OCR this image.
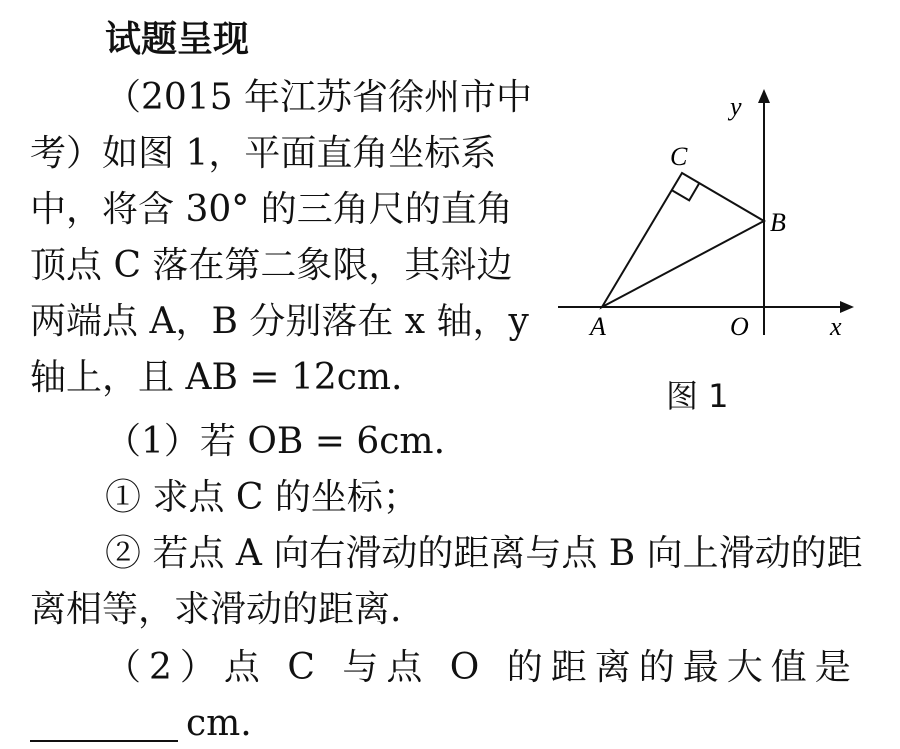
试题呈现
（2015 年江苏省徐州市中
考）如图 1，平面直角坐标系
中，将含 30° 的三角尺的直角
顶点 C 落在第二象限，其斜边
两端点 A，B 分别落在 x 轴，y
轴上，且 AB = 12cm.
（1）若 OB = 6cm.
① 求点 C 的坐标；
② 若点 A 向右滑动的距离与点 B 向上滑动的距
离相等，求滑动的距离.
（2）点 C 与点 O 的距离的最大值是
cm.
y
x
C
B
A	O
图 1
